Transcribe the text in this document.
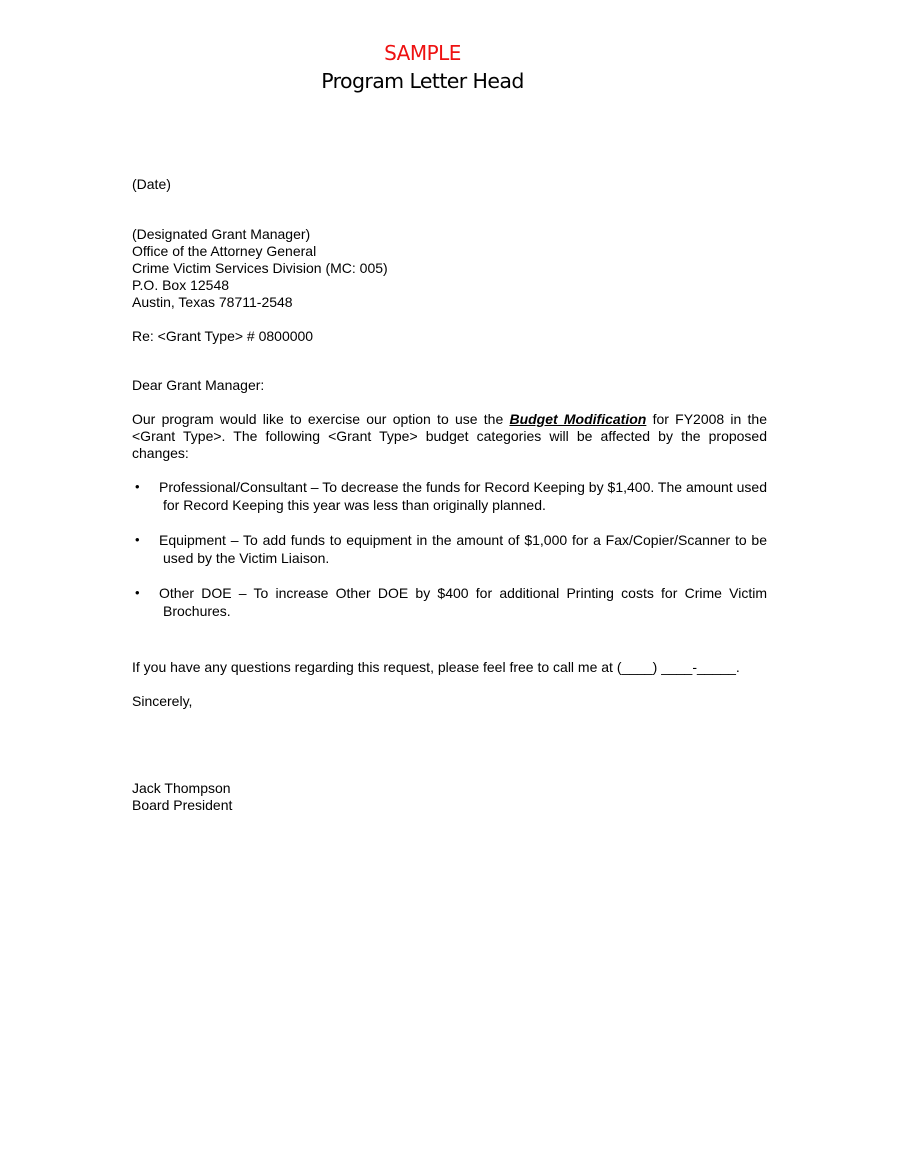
SAMPLE
Program Letter Head

(Date)

(Designated Grant Manager)
Office of the Attorney General
Crime Victim Services Division (MC: 005)
P.O. Box 12548
Austin, Texas 78711-2548

Re: <Grant Type> # 0800000

Dear Grant Manager:

Our program would like to exercise our option to use the Budget Modification for FY2008 in the <Grant Type>. The following <Grant Type> budget categories will be affected by the proposed changes:

• Professional/Consultant – To decrease the funds for Record Keeping by $1,400. The amount used for Record Keeping this year was less than originally planned.
• Equipment – To add funds to equipment in the amount of $1,000 for a Fax/Copier/Scanner to be used by the Victim Liaison.
• Other DOE – To increase Other DOE by $400 for additional Printing costs for Crime Victim Brochures.

If you have any questions regarding this request, please feel free to call me at (____) ____-_____.

Sincerely,

Jack Thompson

Board President
